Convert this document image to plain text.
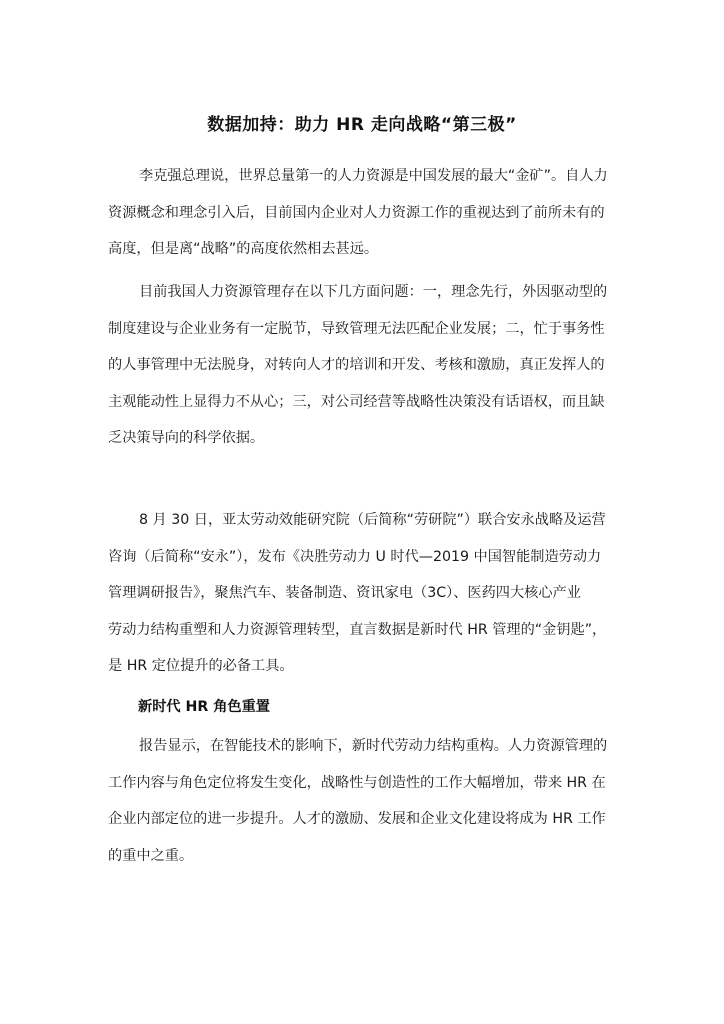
数据加持：助力 HR 走向战略“第三极”
李克强总理说，世界总量第一的人力资源是中国发展的最大“金矿”。自人力
资源概念和理念引入后，目前国内企业对人力资源工作的重视达到了前所未有的
高度，但是离“战略”的高度依然相去甚远。
目前我国人力资源管理存在以下几方面问题：一，理念先行，外因驱动型的
制度建设与企业业务有一定脱节，导致管理无法匹配企业发展；二，忙于事务性
的人事管理中无法脱身，对转向人才的培训和开发、考核和激励，真正发挥人的
主观能动性上显得力不从心；三，对公司经营等战略性决策没有话语权，而且缺
乏决策导向的科学依据。
8 月 30 日，亚太劳动效能研究院（后简称“劳研院”）联合安永战略及运营
咨询（后简称“安永”），发布《决胜劳动力 U 时代—2019 中国智能制造劳动力
管理调研报告》，聚焦汽车、装备制造、资讯家电（3C）、医药四大核心产业
劳动力结构重塑和人力资源管理转型，直言数据是新时代 HR 管理的“金钥匙”，
是 HR 定位提升的必备工具。
新时代 HR 角色重置
报告显示，在智能技术的影响下，新时代劳动力结构重构。人力资源管理的
工作内容与角色定位将发生变化，战略性与创造性的工作大幅增加，带来 HR 在
企业内部定位的进一步提升。人才的激励、发展和企业文化建设将成为 HR 工作
的重中之重。
